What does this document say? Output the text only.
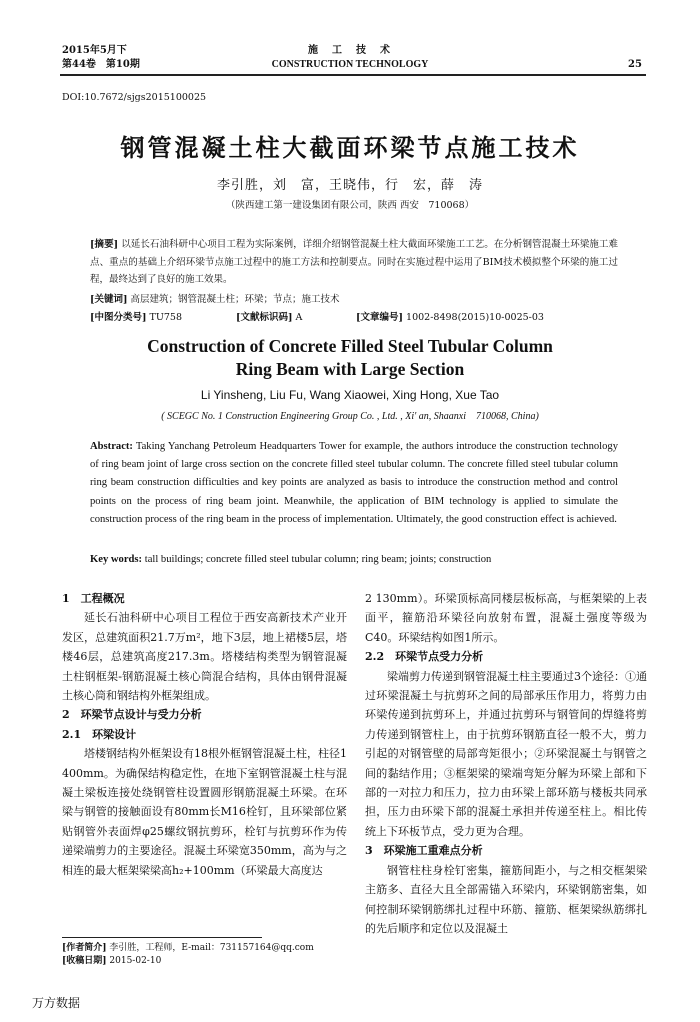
2015年5月下
第44卷　第10期
施　工　技　术
CONSTRUCTION TECHNOLOGY	25
DOI:10.7672/sjgs2015100025
钢管混凝土柱大截面环梁节点施工技术
李引胜，刘　富，王晓伟，行　宏，薛　涛
（陕西建工第一建设集团有限公司，陕西 西安　710068）
[摘要] 以延长石油科研中心项目工程为实际案例，详细介绍钢管混凝土柱大截面环梁施工工艺。在分析钢管混凝土环梁施工难点、重点的基础上介绍环梁节点施工过程中的施工方法和控制要点。同时在实施过程中运用了BIM技术模拟整个环梁的施工过程，最终达到了良好的施工效果。
[关键词] 高层建筑；钢管混凝土柱；环梁；节点；施工技术
[中图分类号] TU758	[文献标识码] A	[文章编号] 1002-8498(2015)10-0025-03
Construction of Concrete Filled Steel Tubular Column
Ring Beam with Large Section
Li Yinsheng, Liu Fu, Wang Xiaowei, Xing Hong, Xue Tao
( SCEGC No. 1 Construction Engineering Group Co. , Ltd. , Xi' an, Shaanxi　710068, China)
Abstract: Taking Yanchang Petroleum Headquarters Tower for example, the authors introduce the construction technology of ring beam joint of large cross section on the concrete filled steel tubular column. The concrete filled steel tubular column ring beam construction difficulties and key points are analyzed as basis to introduce the construction method and control points on the process of ring beam joint. Meanwhile, the application of BIM technology is applied to simulate the construction process of the ring beam in the process of implementation. Ultimately, the good construction effect is achieved.
Key words: tall buildings; concrete filled steel tubular column; ring beam; joints; construction

1　工程概况

延长石油科研中心项目工程位于西安高新技术产业开发区，总建筑面积21.7万m²，地下3层，地上裙楼5层，塔楼46层，总建筑高度217.3m。塔楼结构类型为钢管混凝土柱钢框架-钢筋混凝土核心筒混合结构，具体由钢骨混凝土核心筒和钢结构外框架组成。

2　环梁节点设计与受力分析

2.1　环梁设计

塔楼钢结构外框架设有18根外框钢管混凝土柱，柱径1 400mm。为确保结构稳定性，在地下室钢管混凝土柱与混凝土梁板连接处绕钢管柱设置圆形钢筋混凝土环梁。在环梁与钢管的接触面设有80mm长M16栓钉，且环梁部位紧贴钢管外表面焊φ25螺纹钢抗剪环，栓钉与抗剪环作为传递梁端剪力的主要途径。混凝土环梁宽350mm，高为与之相连的最大框架梁梁高h₂+100mm（环梁最大高度达

2 130mm）。环梁顶标高同楼层板标高，与框架梁的上表面平，箍筋沿环梁径向放射布置，混凝土强度等级为C40。环梁结构如图1所示。

2.2　环梁节点受力分析

梁端剪力传递到钢管混凝土柱主要通过3个途径：①通过环梁混凝土与抗剪环之间的局部承压作用力，将剪力由环梁传递到抗剪环上，并通过抗剪环与钢管间的焊缝将剪力传递到钢管柱上，由于抗剪环钢筋直径一般不大，剪力引起的对钢管壁的局部弯矩很小；②环梁混凝土与钢管之间的黏结作用；③框架梁的梁端弯矩分解为环梁上部和下部的一对拉力和压力，拉力由环梁上部环筋与楼板共同承担，压力由环梁下部的混凝土承担并传递至柱上。相比传统上下环板节点，受力更为合理。

3　环梁施工重难点分析

钢管柱柱身栓钉密集，箍筋间距小，与之相交框架梁主筋多、直径大且全部需锚入环梁内，环梁钢筋密集，如何控制环梁钢筋绑扎过程中环筋、箍筋、框架梁纵筋绑扎的先后顺序和定位以及混凝土

[作者简介] 李引胜，工程师，E-mail：731157164@qq.com
[收稿日期] 2015-02-10
万方数据
